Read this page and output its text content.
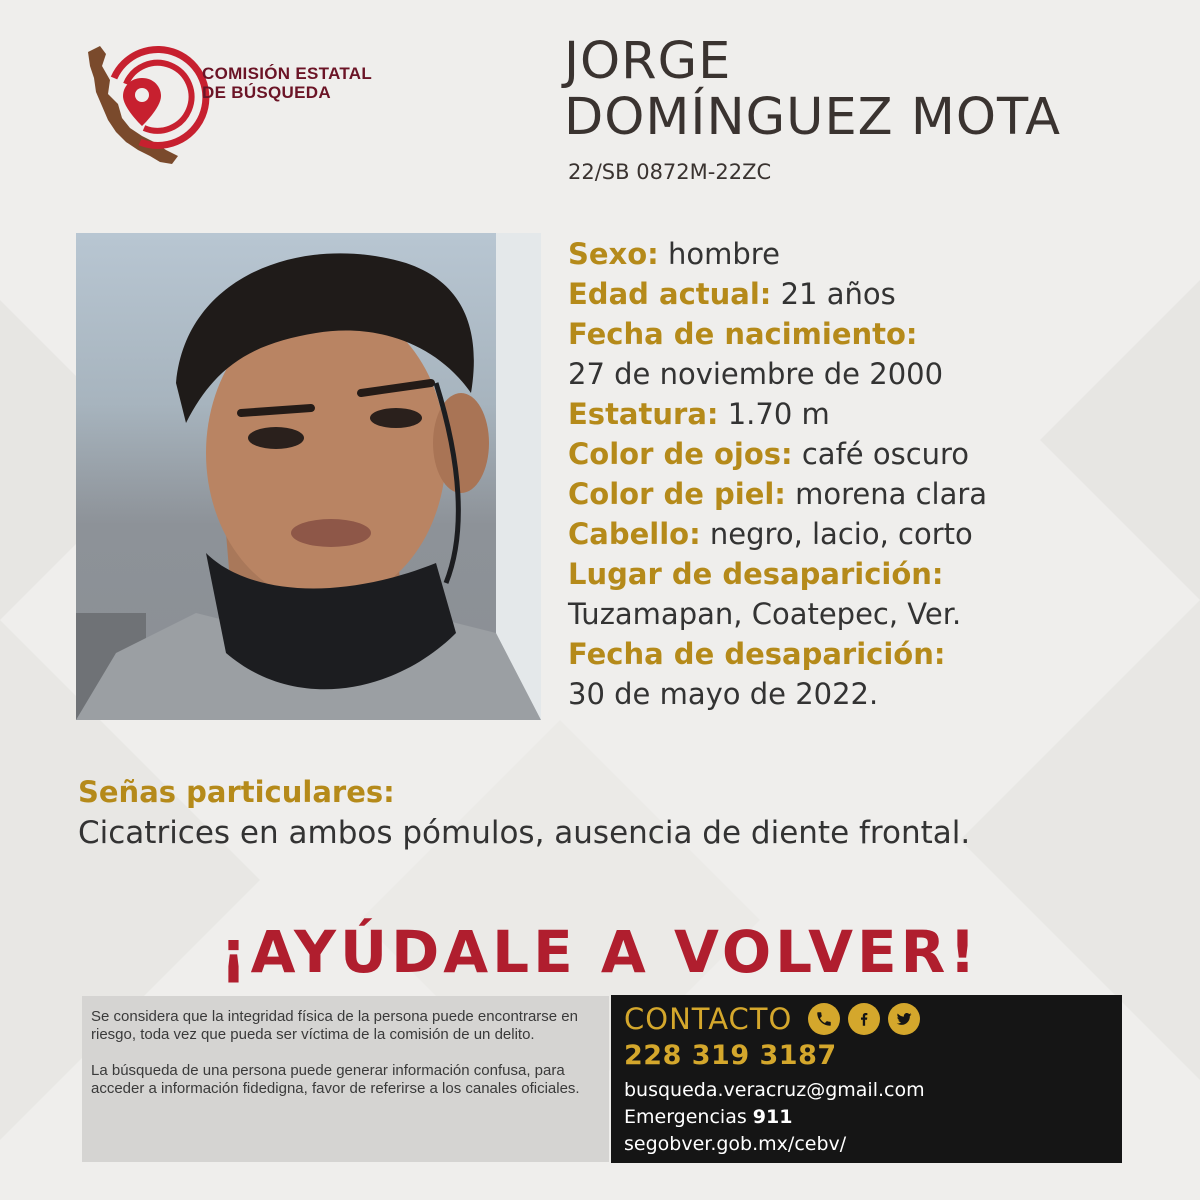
COMISIÓN ESTATAL
DE BÚSQUEDA
JORGE
DOMÍNGUEZ MOTA
22/SB 0872M-22ZC
Sexo: hombre
Edad actual: 21 años
Fecha de nacimiento:
27 de noviembre de 2000
Estatura: 1.70 m
Color de ojos: café oscuro
Color de piel: morena clara
Cabello: negro, lacio, corto
Lugar de desaparición:
Tuzamapan, Coatepec, Ver.
Fecha de desaparición:
30 de mayo de 2022.
Señas particulares:
Cicatrices en ambos pómulos, ausencia de diente frontal.
¡AYÚDALE A VOLVER!

Se considera que la integridad física de la persona puede encontrarse en riesgo, toda vez que pueda ser víctima de la comisión de un delito.

La búsqueda de una persona puede generar información confusa, para acceder a información fidedigna, favor de referirse a los canales oficiales.

CONTACTO
228 319 3187
busqueda.veracruz@gmail.com
Emergencias 911
segobver.gob.mx/cebv/
